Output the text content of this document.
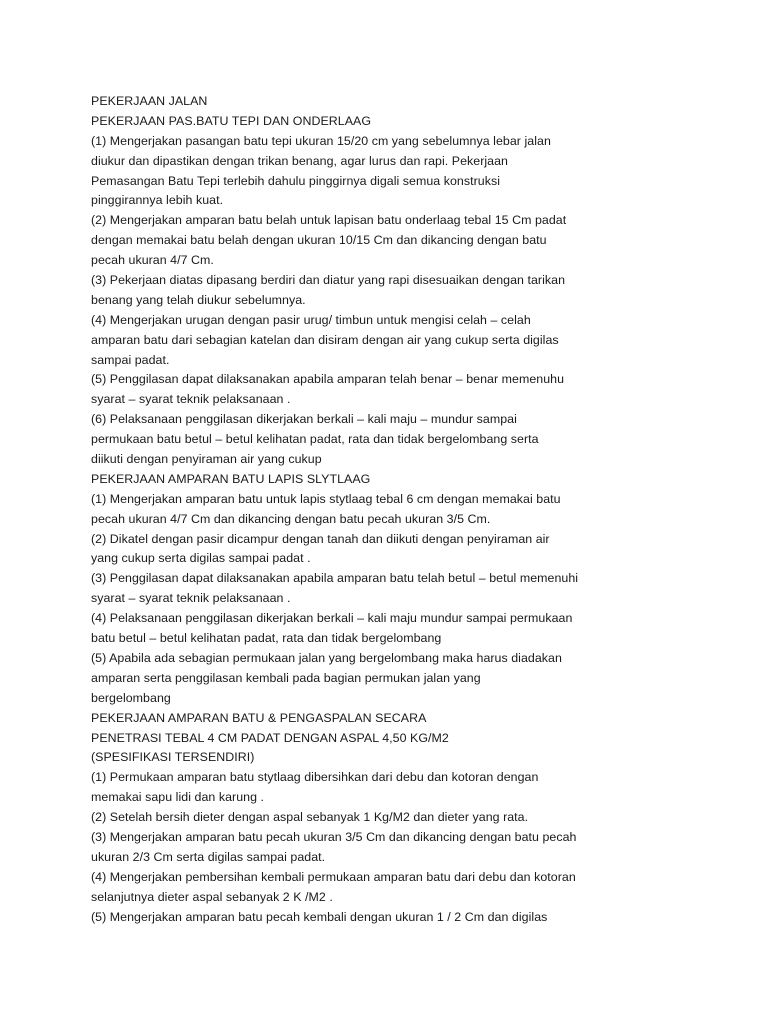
PEKERJAAN JALAN
PEKERJAAN PAS.BATU TEPI DAN ONDERLAAG
(1) Mengerjakan pasangan batu tepi ukuran 15/20 cm yang sebelumnya lebar jalan
diukur dan dipastikan dengan trikan benang, agar lurus dan rapi. Pekerjaan
Pemasangan Batu Tepi terlebih dahulu pinggirnya digali semua konstruksi
pinggirannya lebih kuat.
(2) Mengerjakan amparan batu belah untuk lapisan batu onderlaag tebal 15 Cm padat
dengan memakai batu belah dengan ukuran 10/15 Cm dan dikancing dengan batu
pecah ukuran 4/7 Cm.
(3) Pekerjaan diatas dipasang berdiri dan diatur yang rapi disesuaikan dengan tarikan
benang yang telah diukur sebelumnya.
(4) Mengerjakan urugan dengan pasir urug/ timbun untuk mengisi celah – celah
amparan batu dari sebagian katelan dan disiram dengan air yang cukup serta digilas
sampai padat.
(5) Penggilasan dapat dilaksanakan apabila amparan telah benar – benar memenuhu
syarat – syarat teknik pelaksanaan .
(6) Pelaksanaan penggilasan dikerjakan berkali – kali maju – mundur sampai
permukaan batu betul – betul kelihatan padat, rata dan tidak bergelombang serta
diikuti dengan penyiraman air yang cukup
PEKERJAAN AMPARAN BATU LAPIS SLYTLAAG
(1) Mengerjakan amparan batu untuk lapis stytlaag tebal 6 cm dengan memakai batu
pecah ukuran 4/7 Cm dan dikancing dengan batu pecah ukuran 3/5 Cm.
(2) Dikatel dengan pasir dicampur dengan tanah dan diikuti dengan penyiraman air
yang cukup serta digilas sampai padat .
(3) Penggilasan dapat dilaksanakan apabila amparan batu telah betul – betul memenuhi
syarat – syarat teknik pelaksanaan .
(4) Pelaksanaan penggilasan dikerjakan berkali – kali maju mundur sampai permukaan
batu betul – betul kelihatan padat, rata dan tidak bergelombang
(5) Apabila ada sebagian permukaan jalan yang bergelombang maka harus diadakan
amparan serta penggilasan kembali pada bagian permukan jalan yang
bergelombang
PEKERJAAN AMPARAN BATU & PENGASPALAN SECARA
PENETRASI TEBAL 4 CM PADAT DENGAN ASPAL 4,50 KG/M2
(SPESIFIKASI TERSENDIRI)
(1) Permukaan amparan batu stytlaag dibersihkan dari debu dan kotoran dengan
memakai sapu lidi dan karung .
(2) Setelah bersih dieter dengan aspal sebanyak 1 Kg/M2 dan dieter yang rata.
(3) Mengerjakan amparan batu pecah ukuran 3/5 Cm dan dikancing dengan batu pecah
ukuran 2/3 Cm serta digilas sampai padat.
(4) Mengerjakan pembersihan kembali permukaan amparan batu dari debu dan kotoran
selanjutnya dieter aspal sebanyak 2 K /M2 .
(5) Mengerjakan amparan batu pecah kembali dengan ukuran 1 / 2 Cm dan digilas
